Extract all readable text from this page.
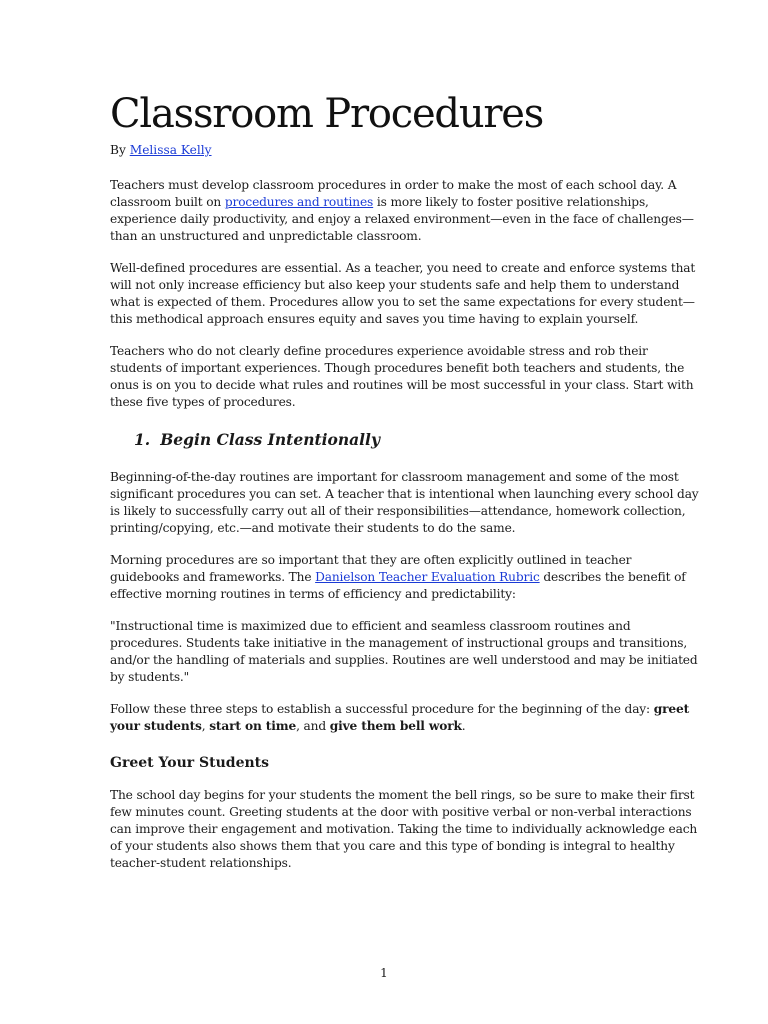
Classroom Procedures
By Melissa Kelly

Teachers must develop classroom procedures in order to make the most of each school day. A classroom built on procedures and routines is more likely to foster positive relationships, experience daily productivity, and enjoy a relaxed environment—even in the face of challenges—than an unstructured and unpredictable classroom.

Well-defined procedures are essential. As a teacher, you need to create and enforce systems that will not only increase efficiency but also keep your students safe and help them to understand what is expected of them. Procedures allow you to set the same expectations for every student—this methodical approach ensures equity and saves you time having to explain yourself.

Teachers who do not clearly define procedures experience avoidable stress and rob their students of important experiences. Though procedures benefit both teachers and students, the onus is on you to decide what rules and routines will be most successful in your class. Start with these five types of procedures.

1. Begin Class Intentionally

Beginning-of-the-day routines are important for classroom management and some of the most significant procedures you can set. A teacher that is intentional when launching every school day is likely to successfully carry out all of their responsibilities—attendance, homework collection, printing/copying, etc.—and motivate their students to do the same.

Morning procedures are so important that they are often explicitly outlined in teacher guidebooks and frameworks. The Danielson Teacher Evaluation Rubric describes the benefit of effective morning routines in terms of efficiency and predictability:

"Instructional time is maximized due to efficient and seamless classroom routines and procedures. Students take initiative in the management of instructional groups and transitions, and/or the handling of materials and supplies. Routines are well understood and may be initiated by students."

Follow these three steps to establish a successful procedure for the beginning of the day: greet your students, start on time, and give them bell work.

Greet Your Students

The school day begins for your students the moment the bell rings, so be sure to make their first few minutes count. Greeting students at the door with positive verbal or non-verbal interactions can improve their engagement and motivation. Taking the time to individually acknowledge each of your students also shows them that you care and this type of bonding is integral to healthy teacher-student relationships.

1
